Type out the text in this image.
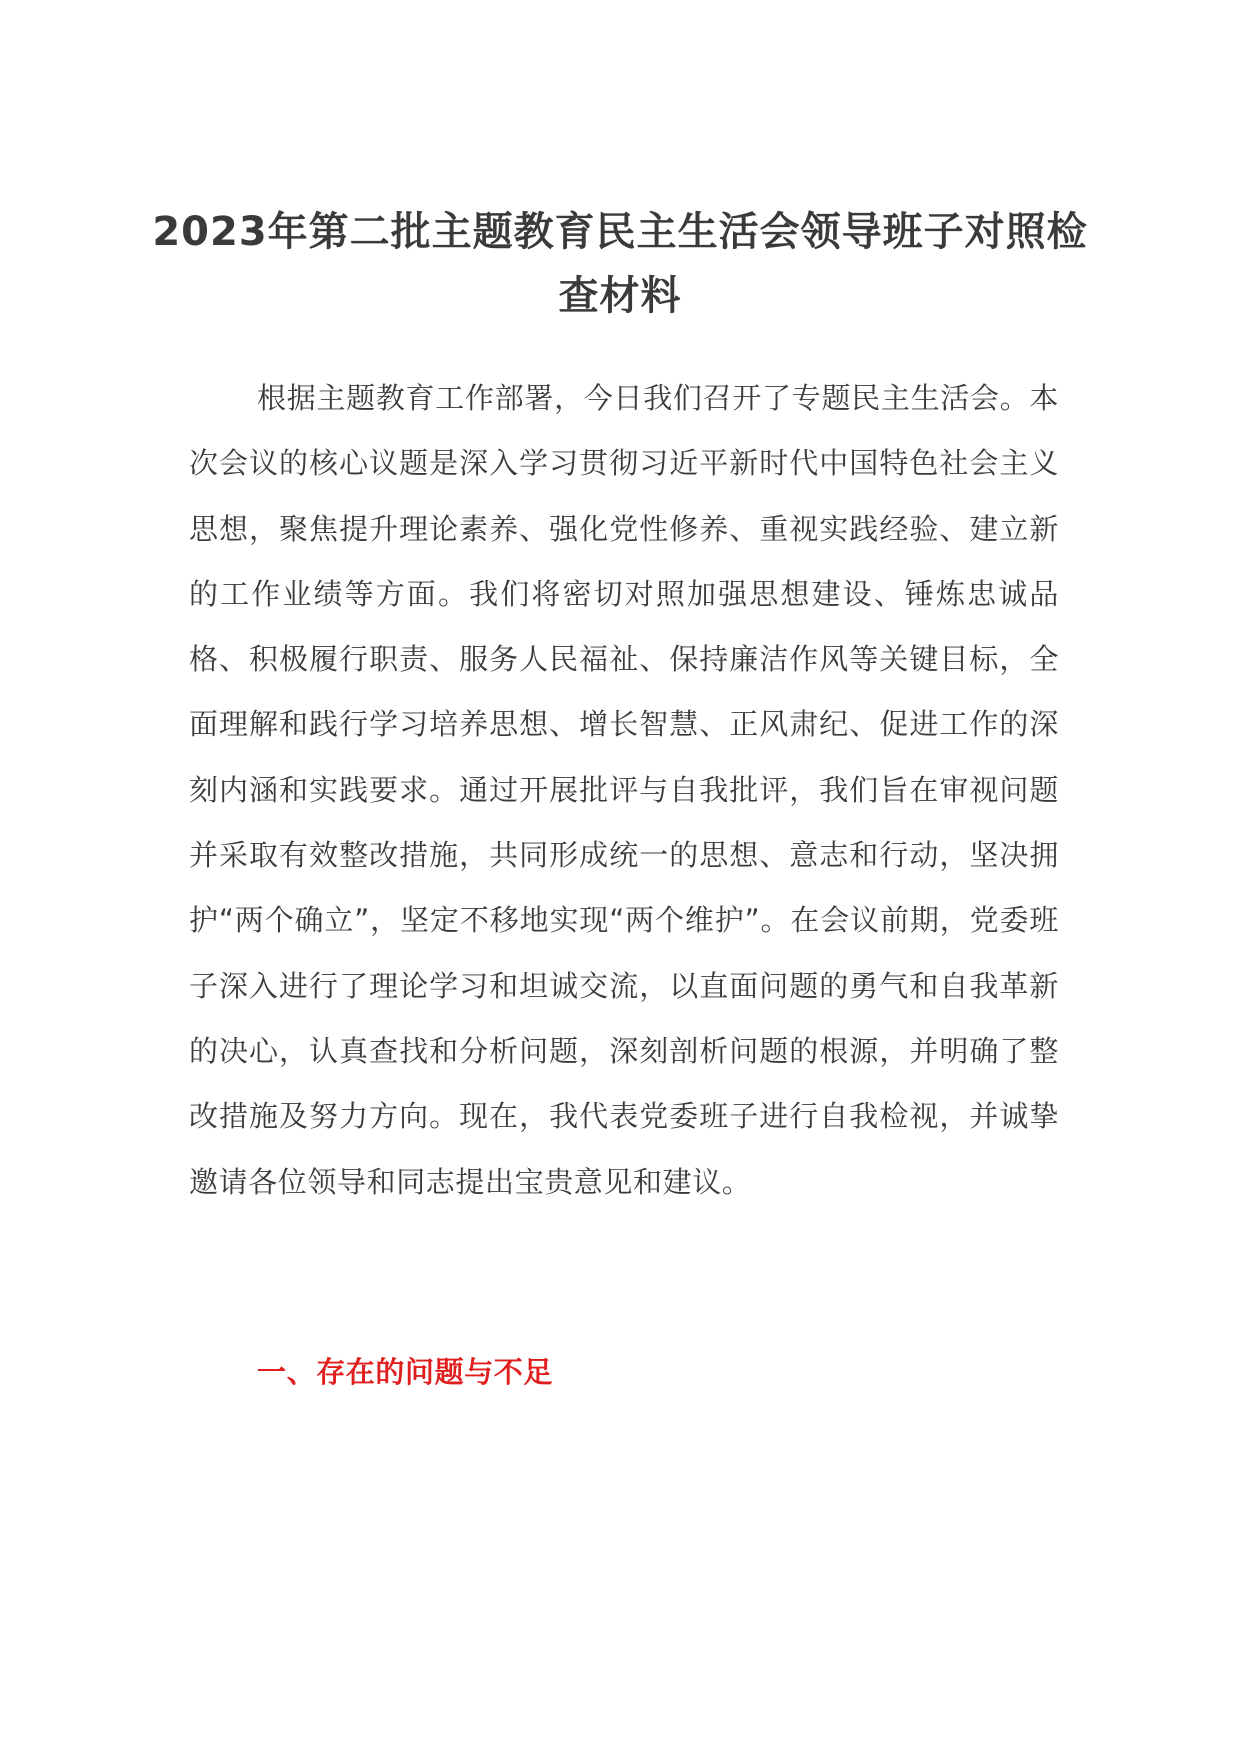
2023年第二批主题教育民主生活会领导班子对照检查材料

根据主题教育工作部署，今日我们召开了专题民主生活会。本次会议的核心议题是深入学习贯彻习近平新时代中国特色社会主义思想，聚焦提升理论素养、强化党性修养、重视实践经验、建立新的工作业绩等方面。我们将密切对照加强思想建设、锤炼忠诚品格、积极履行职责、服务人民福祉、保持廉洁作风等关键目标，全面理解和践行学习培养思想、增长智慧、正风肃纪、促进工作的深刻内涵和实践要求。通过开展批评与自我批评，我们旨在审视问题并采取有效整改措施，共同形成统一的思想、意志和行动，坚决拥护“两个确立”，坚定不移地实现“两个维护”。在会议前期，党委班子深入进行了理论学习和坦诚交流，以直面问题的勇气和自我革新的决心，认真查找和分析问题，深刻剖析问题的根源，并明确了整改措施及努力方向。现在，我代表党委班子进行自我检视，并诚挚邀请各位领导和同志提出宝贵意见和建议。

一、存在的问题与不足
